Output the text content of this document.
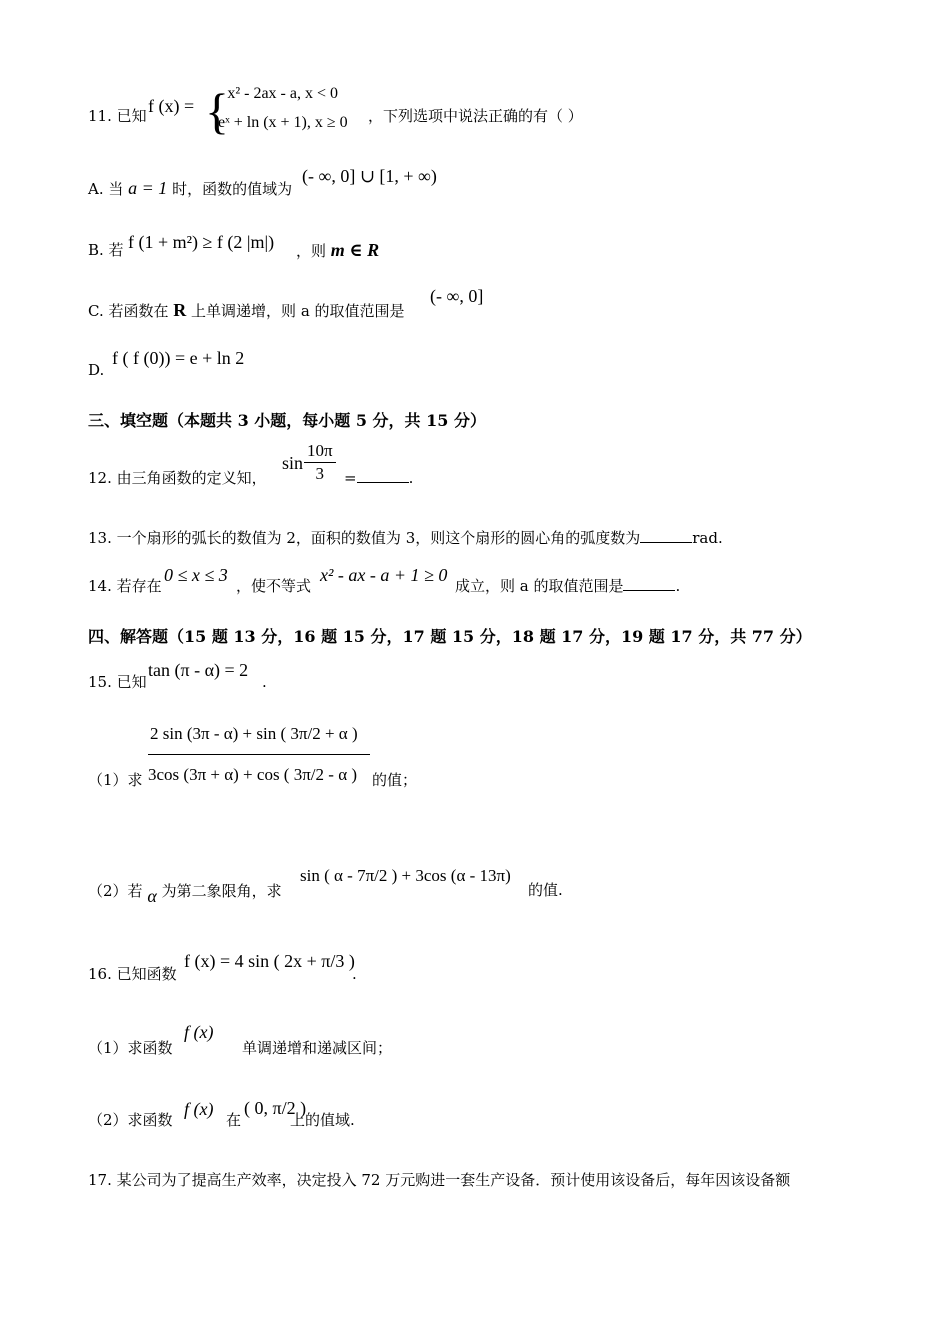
11. 已知 f (x) = {
- x² - 2ax - a, x < 0
eˣ + ln (x + 1), x ≥ 0 ，下列选项中说法正确的有（ ）
A. 当 a = 1 时，函数的值域为
(- ∞, 0] ∪ [1, + ∞)
B. 若 f (1 + m²) ≥ f (2 |m|) ，则 m ∈ R
C. 若函数在 R 上单调递增，则 a 的取值范围是
(- ∞, 0]
D.
f ( f (0)) = e + ln 2
三、填空题（本题共 3 小题，每小题 5 分，共 15 分）
12. 由三角函数的定义知，
$\sin \frac{10\pi}{3}$ =	.
13. 一个扇形的弧长的数值为 2，面积的数值为 3，则这个扇形的圆心角的弧度数为	rad.
14. 若存在
0 ≤ x ≤ 3
，使不等式
x² - ax - a + 1 ≥ 0
成立，则 a 的取值范围是	.
四、解答题（15 题 13 分，16 题 15 分，17 题 15 分，18 题 17 分，19 题 17 分，共 77 分）
15. 已知
tan (π - α) = 2
.
（1）求
2 sin (3π - α) + sin ( 3π/2 + α )
3cos (3π + α) + cos ( 3π/2 - α ) 的值；
（2）若 α 为第二象限角，求
sin ( α - 7π/2 ) + 3cos (α - 13π)
的值.
16. 已知函数
f (x) = 4 sin ( 2x + π/3 )
.
（1）求函数
f (x)
单调递增和递减区间；
（2）求函数
f (x)
在
( 0, π/2 )
上的值域.
17. 某公司为了提高生产效率，决定投入 72 万元购进一套生产设备．预计使用该设备后，每年因该设备额
